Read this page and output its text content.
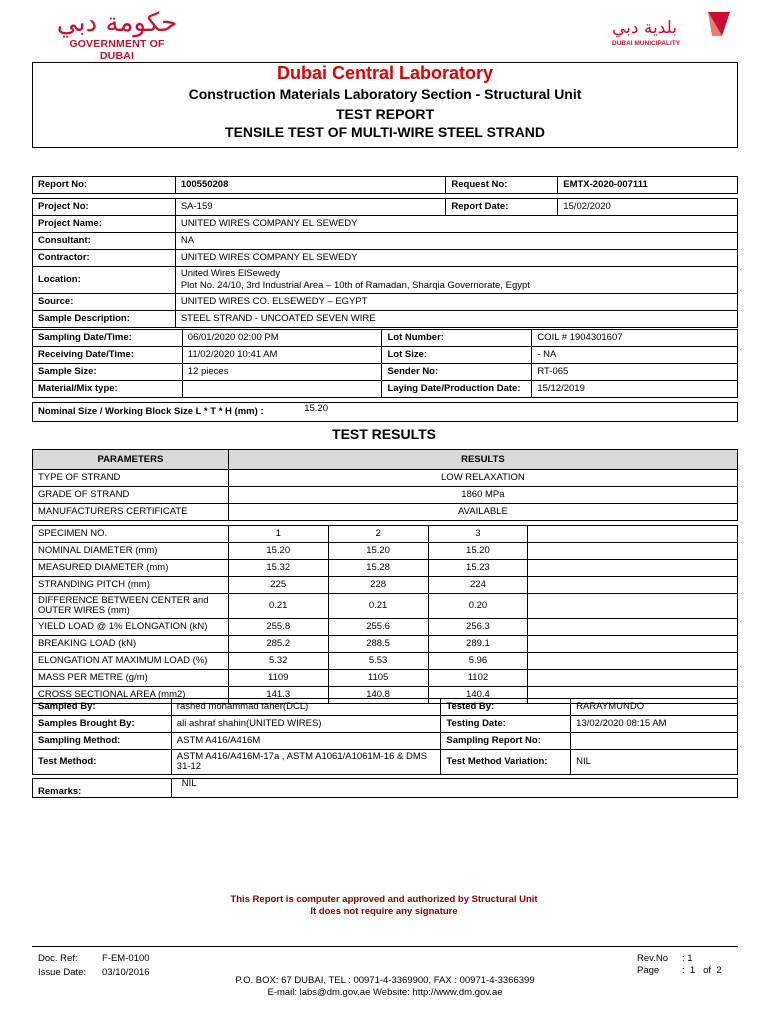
حكومة دبي
GOVERNMENT OF DUBAI
بلدية دبي
DUBAI MUNICIPALITY
Dubai Central Laboratory
Construction Materials Laboratory Section - Structural Unit
TEST REPORT
TENSILE TEST OF MULTI-WIRE STEEL STRAND
Report No:	100550208	Request No:	EMTX-2020-007111

Project No:	SA-159	Report Date:	15/02/2020
Project Name:	UNITED WIRES COMPANY EL SEWEDY		
Consultant:	NA		
Contractor:	UNITED WIRES COMPANY EL SEWEDY		
Location:	United Wires ElSewedy
Plot No. 24/10, 3rd Industrial Area – 10th of Ramadan, Sharqia Governorate, Egypt		

Source:	UNITED WIRES CO. ELSEWEDY – EGYPT		
Sample Description:	STEEL STRAND - UNCOATED SEVEN WIRE		
Sampling Date/Time:	06/01/2020 02:00 PM	Lot Number:	COIL # 1904301607
Receiving Date/Time:	11/02/2020 10:41 AM	Lot Size:	- NA
Sample Size:	12 pieces	Sender No:	RT-065
Material/Mix type:		Laying Date/Production Date:	15/12/2019

Nominal Size / Working Block Size L * T * H (mm) : 15.20			
TEST RESULTS
PARAMETERS	RESULTS			
TYPE OF STRAND	LOW RELAXATION			
GRADE OF STRAND	1860 MPa			
MANUFACTURERS CERTIFICATE	AVAILABLE			

SPECIMEN NO.	1	2	3	
NOMINAL DIAMETER (mm)	15.20	15.20	15.20	
MEASURED DIAMETER (mm)	15.32	15.28	15.23	
STRANDING PITCH (mm)	225	228	224	
DIFFERENCE BETWEEN CENTER and OUTER WIRES (mm)	0.21	0.21	0.20	
YIELD LOAD @ 1% ELONGATION (kN)	255.8	255.6	256.3	
BREAKING LOAD (kN)	285.2	288.5	289.1	
ELONGATION AT MAXIMUM LOAD (%)	5.32	5.53	5.96	
MASS PER METRE (g/m)	1109	1105	1102	
CROSS SECTIONAL AREA (mm2)	141.3	140.8	140.4	
Sampled By:	rashed mohammad taher(DCL)	Tested By:	RARAYMUNDO
Samples Brought By:	ali ashraf shahin(UNITED WIRES)	Testing Date:	13/02/2020 08:15 AM
Sampling Method:	ASTM A416/A416M	Sampling Report No:	
Test Method:	ASTM A416/A416M-17a , ASTM A1061/A1061M-16 & DMS 31-12	Test Method Variation:	NIL

Remarks:	NIL		
This Report is computer approved and authorized by Structural Unit
It does not require any signature
Doc. Ref:	F-EM-0100
Issue Date: 03/10/2016
Rev.No : 1
Page :  1   of  2
P.O. BOX: 67 DUBAI, TEL : 00971-4-3369900, FAX : 00971-4-3366399
E-mail: labs@dm.gov.ae Website: http://www.dm.gov.ae
